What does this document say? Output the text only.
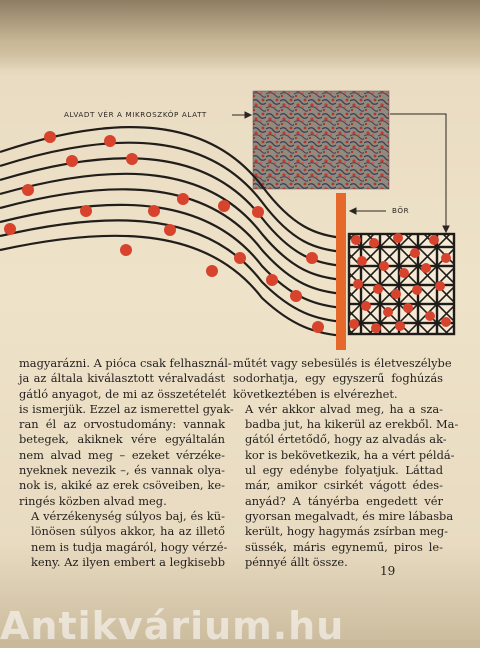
ALVADT VÉR A MIKROSZKÓP ALATT
BŐR

magyarázni. A pióca csak felhasznál-
ja az általa kiválasztott véralvadást
gátló anyagot, de mi az összetételét
is ismerjük. Ezzel az ismerettel gyak-
ran él az orvostudomány: vannak
betegek, akiknek vére egyáltalán
nem alvad meg – ezeket vérzéke-
nyeknek nevezik –, és vannak olya-
nok is, akiké az erek csöveiben, ke-
ringés közben alvad meg.

A vérzékenység súlyos baj, és kü-
lönösen súlyos akkor, ha az illető
nem is tudja magáról, hogy vérzé-
keny. Az ilyen embert a legkisebb

műtét vagy sebesülés is életveszélybe
sodorhatja, egy egyszerű foghúzás
következtében is elvérezhet.

A vér akkor alvad meg, ha a sza-
badba jut, ha kikerül az erekből. Ma-
gától értetődő, hogy az alvadás ak-
kor is bekövetkezik, ha a vért példá-
ul egy edénybe folyatjuk. Láttad
már, amikor csirkét vágott édes-
anyád? A tányérba engedett vér
gyorsan megalvadt, és mire lábasba
került, hogy hagymás zsírban meg-
süssék, máris egynemű, piros le-
pénnyé állt össze.

19
Antikvárium.hu
